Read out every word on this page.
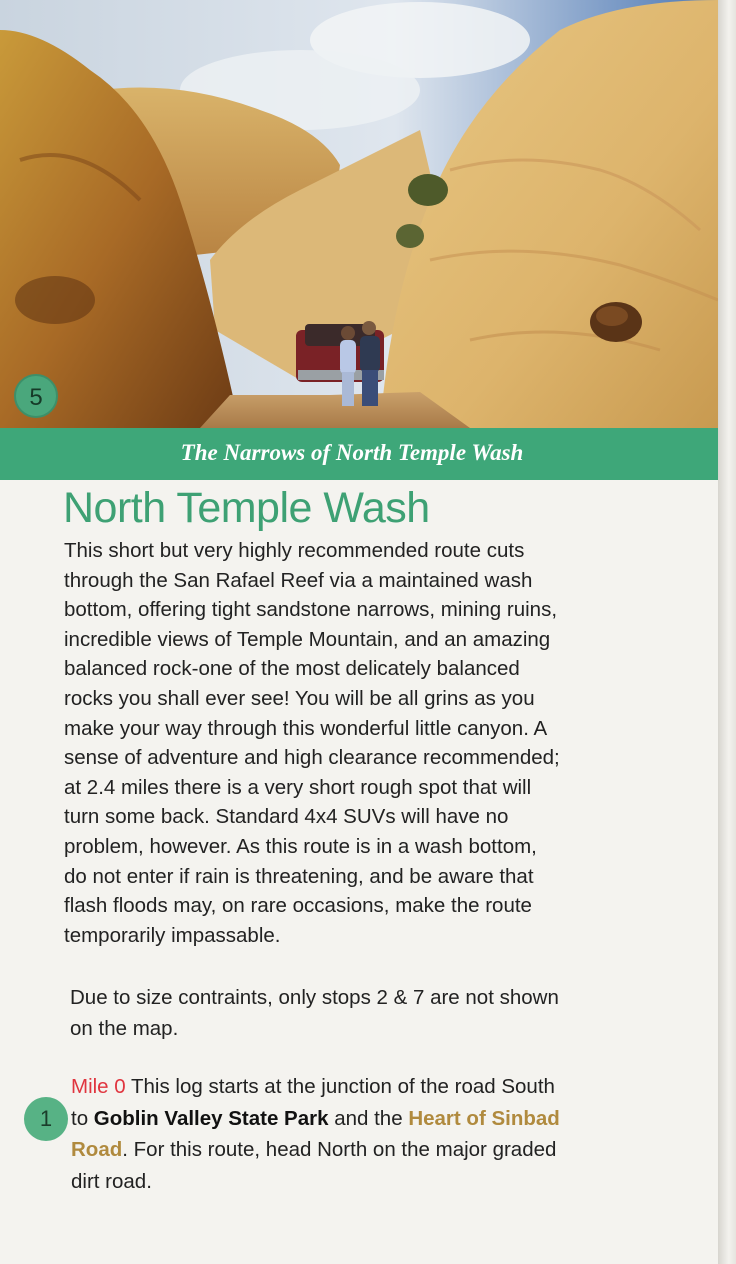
5
The Narrows of North Temple Wash
North Temple Wash

This short but very highly recommended route cuts
through the San Rafael Reef via a maintained wash
bottom, offering tight sandstone narrows, mining ruins,
incredible views of Temple Mountain, and an amazing
balanced rock-one of the most delicately balanced
rocks you shall ever see! You will be all grins as you
make your way through this wonderful little canyon. A
sense of adventure and high clearance recommended;
at 2.4 miles there is a very short rough spot that will
turn some back. Standard 4x4 SUVs will have no
problem, however. As this route is in a wash bottom,
do not enter if rain is threatening, and be aware that
flash floods may, on rare occasions, make the route
temporarily impassable.

Due to size contraints, only stops 2 & 7 are not shown
on the map.

1

Mile 0 This log starts at the junction of the road South
to Goblin Valley State Park and the Heart of Sinbad
Road. For this route, head North on the major graded
dirt road.
